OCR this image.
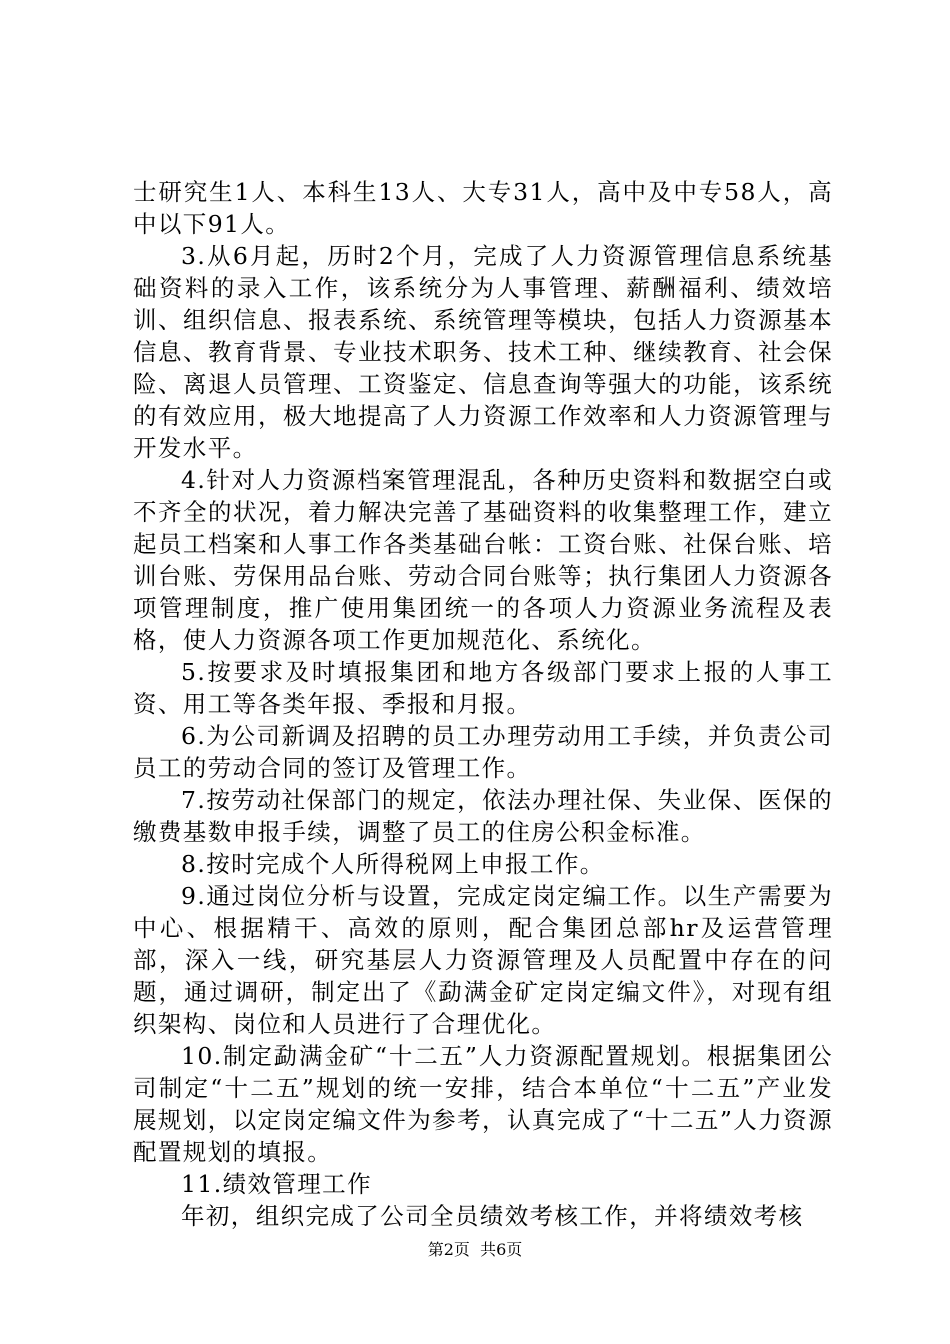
士研究生1人、本科生13人、大专31人，高中及中专58人，高中以下91人。

3.从6月起，历时2个月，完成了人力资源管理信息系统基础资料的录入工作，该系统分为人事管理、薪酬福利、绩效培训、组织信息、报表系统、系统管理等模块，包括人力资源基本信息、教育背景、专业技术职务、技术工种、继续教育、社会保险、离退人员管理、工资鉴定、信息查询等强大的功能，该系统的有效应用，极大地提高了人力资源工作效率和人力资源管理与开发水平。

4.针对人力资源档案管理混乱，各种历史资料和数据空白或不齐全的状况，着力解决完善了基础资料的收集整理工作，建立起员工档案和人事工作各类基础台帐：工资台账、社保台账、培训台账、劳保用品台账、劳动合同台账等；执行集团人力资源各项管理制度，推广使用集团统一的各项人力资源业务流程及表格，使人力资源各项工作更加规范化、系统化。

5.按要求及时填报集团和地方各级部门要求上报的人事工资、用工等各类年报、季报和月报。

6.为公司新调及招聘的员工办理劳动用工手续，并负责公司员工的劳动合同的签订及管理工作。

7.按劳动社保部门的规定，依法办理社保、失业保、医保的缴费基数申报手续，调整了员工的住房公积金标准。

8.按时完成个人所得税网上申报工作。

9.通过岗位分析与设置，完成定岗定编工作。以生产需要为中心、根据精干、高效的原则，配合集团总部hr及运营管理部，深入一线，研究基层人力资源管理及人员配置中存在的问题，通过调研，制定出了《勐满金矿定岗定编文件》，对现有组织架构、岗位和人员进行了合理优化。

10.制定勐满金矿“十二五”人力资源配置规划。根据集团公司制定“十二五”规划的统一安排，结合本单位“十二五”产业发展规划，以定岗定编文件为参考，认真完成了“十二五”人力资源配置规划的填报。

11.绩效管理工作

年初，组织完成了公司全员绩效考核工作，并将绩效考核

第2页  共6页
